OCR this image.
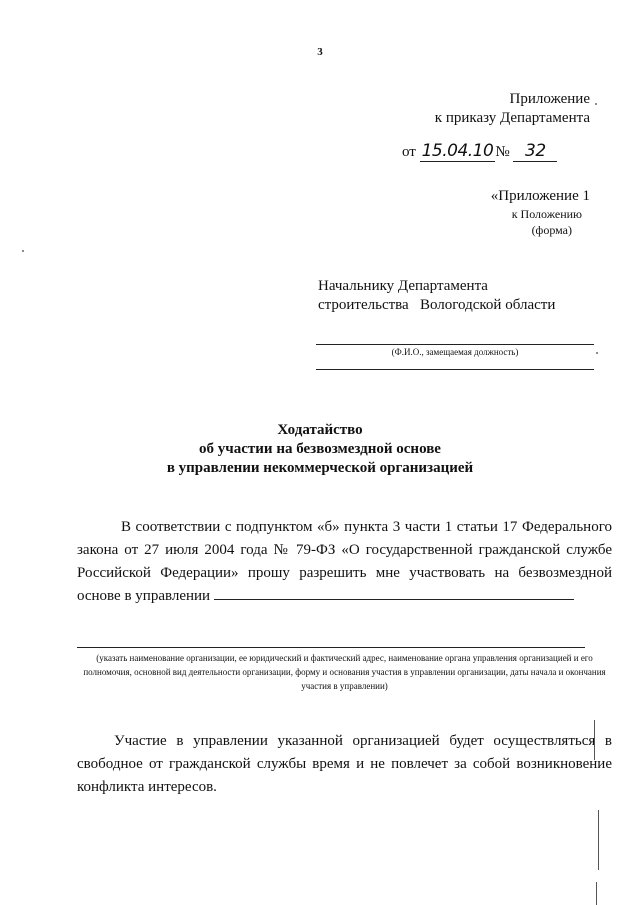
3
Приложение
к приказу Департамента
от 15.04.10 № 32
«Приложение 1
к Положению
(форма)
Начальнику Департамента
строительства   Вологодской области
(Ф.И.О., замещаемая должность)
Ходатайство
об участии на безвозмездной основе
в управлении некоммерческой организацией
В соответствии с подпунктом «б» пункта 3 части 1 статьи 17 Федерального закона от 27 июля 2004 года № 79-ФЗ «О государственной гражданской службе Российской Федерации» прошу разрешить мне участвовать на безвозмездной основе в управлении
(указать наименование организации, ее юридический и фактический адрес, наименование органа управления организацией и его полномочия, основной вид деятельности организации, форму и основания участия в управлении организации, даты начала и окончания участия в управлении)
Участие в управлении указанной организацией будет осуществляться в свободное от гражданской службы время и не повлечет за собой возникновение конфликта интересов.
